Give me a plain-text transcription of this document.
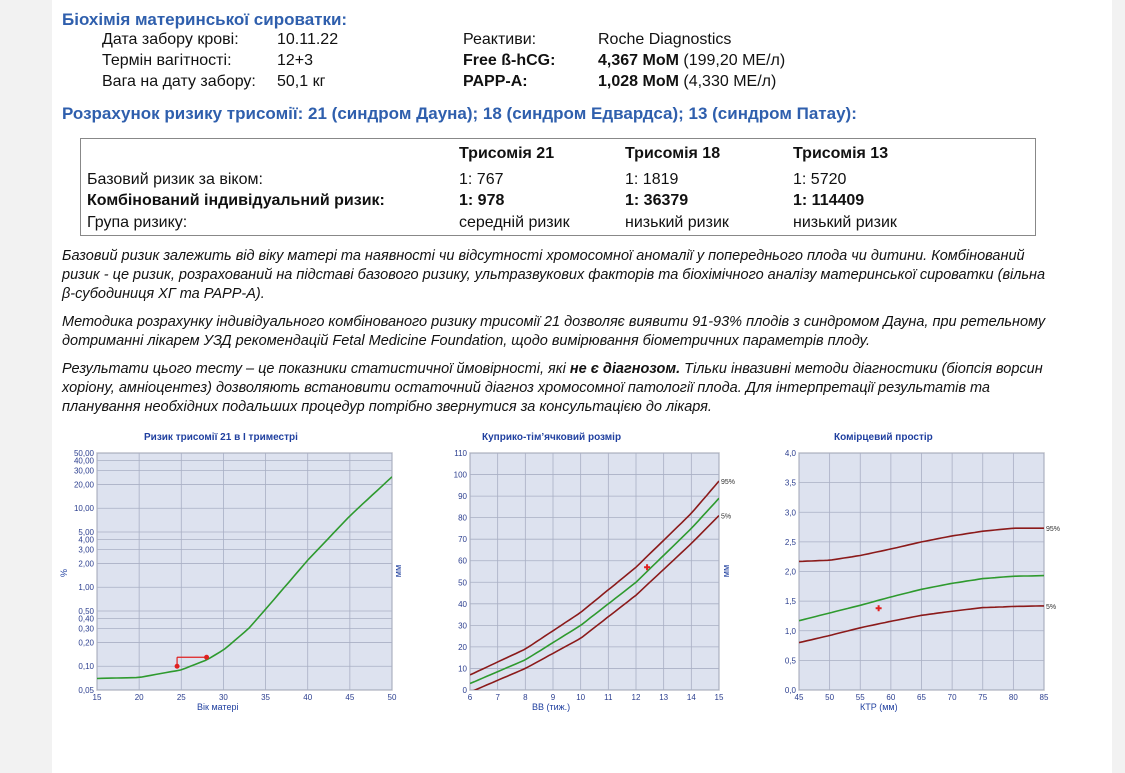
Біохімія материнської сироватки:
Дата забору крові: 10.11.22
Термін вагітності:	12+3
Вага на дату забору: 50,1 кг
Реактиви:	Roche Diagnostics
Free ß-hCG:	4,367 MoM (199,20 МЕ/л)
PAPP-A:	1,028 MoM (4,330 МЕ/л)
Розрахунок ризику трисомії: 21 (синдром Дауна); 18 (синдром Едвардса); 13 (синдром Патау):
Трисомія 21	Трисомія 18	Трисомія 13
Базовий ризик за віком:	1: 767	1: 1819	1: 5720
Комбінований індивідуальний ризик:	1: 978	1: 36379	1: 114409
Група ризику:	середній ризик	низький ризик	низький ризик
Базовий ризик залежить від віку матері та наявності чи відсутності хромосомної аномалії у попереднього плода чи дитини. Комбінований ризик - це ризик, розрахований на підставі базового ризику, ультразвукових факторів та біохімічного аналізу материнської сироватки (вільна β-субодиниця ХГ та PAPP-A).
Методика розрахунку індивідуального комбінованого ризику трисомії 21 дозволяє виявити 91-93% плодів з синдромом Дауна, при ретельному дотриманні лікарем УЗД рекомендацій Fetal Medicine Foundation, щодо вимірювання біометричних параметрів плоду.
Результати цього тесту – це показники статистичної ймовірності, які не є діагнозом. Тільки інвазивні методи діагностики (біопсія ворсин хоріону, амніоцентез) дозволяють встановити остаточний діагноз хромосомної патології плода. Для інтерпретації результатів та планування необхідних подальших процедур потрібно звернутися за консультацією до лікаря.
Ризик трисомії 21 в І триместрі
15	20	25	30	35	40	45	50
50,00
40,00
30,00
20,00
10,00
5,00
4,00
3,00
2,00
1,00
0,50
0,40
0,30
0,20
0,10
0,05
Вік матері
%
Куприко-тім’ячковий розмір
6	7	8	9	10 11 12 13 14 15
0
10
20
30
40
50
60
70
80
90
100
110
95%
5%
ВВ (тиж.)
мм
Комірцевий простір
45	50	55	60	65	70	75	80	85
0,0
0,5
1,0
1,5
2,0
2,5
3,0
3,5
4,0
95%
5%
КТР (мм)
мм
